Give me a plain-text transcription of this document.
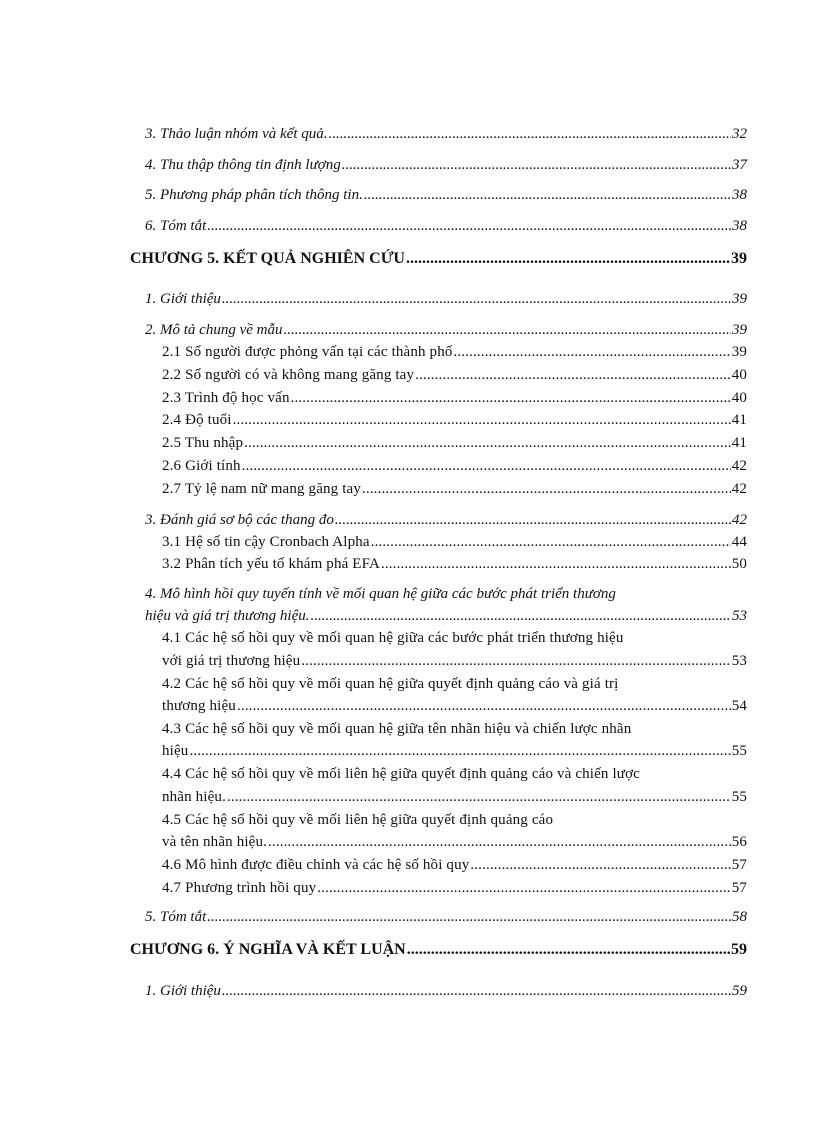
3. Thảo luận nhóm và kết quả. .....	32
4. Thu thập thông tin định lượng .....	37
5. Phương pháp phân tích thông tin. .....	38
6. Tóm tắt .....	38
CHƯƠNG 5. KẾT QUẢ NGHIÊN CỨU .....	39
1. Giới thiệu .....	39
2. Mô tả chung về mẫu .....	39
2.1 Số người được phỏng vấn tại các thành phố .....	39
2.2 Số người có và không mang găng tay .....	40
2.3 Trình độ học vấn .....	40
2.4 Độ tuổi .....	41
2.5 Thu nhập .....	41
2.6 Giới tính .....	42
2.7 Tỷ lệ nam nữ mang găng tay .....	42
3. Đánh giá sơ bộ các thang đo .....	42
3.1 Hệ số tin cậy Cronbach Alpha .....	44
3.2 Phân tích yếu tố khám phá EFA .....	50
4. Mô hình hồi quy tuyến tính về mối quan hệ giữa các bước phát triển thương
hiệu và giá trị thương hiệu. .....	53
4.1 Các hệ số hồi quy về mối quan hệ giữa các bước phát triển thương hiệu
với giá trị thương hiệu .....	53
4.2 Các hệ số hồi quy về mối quan hệ giữa quyết định quảng cáo và giá trị
thương hiệu .....	54
4.3 Các hệ số hồi quy về mối quan hệ giữa tên nhãn hiệu và chiến lược nhãn
hiệu .....	55
4.4 Các hệ số hồi quy về mối liên hệ giữa quyết định quảng cáo và chiến lược
nhãn hiệu. .....	55
4.5 Các hệ số hồi quy về mối liên hệ giữa quyết định quảng cáo
và tên nhãn hiệu. .....	56
4.6 Mô hình được điều chỉnh và các hệ số hồi quy .....	57
4.7 Phương trình hồi quy .....	57
5. Tóm tắt .....	58
CHƯƠNG 6. Ý NGHĨA VÀ KẾT LUẬN .....	59
1. Giới thiệu .....	59
